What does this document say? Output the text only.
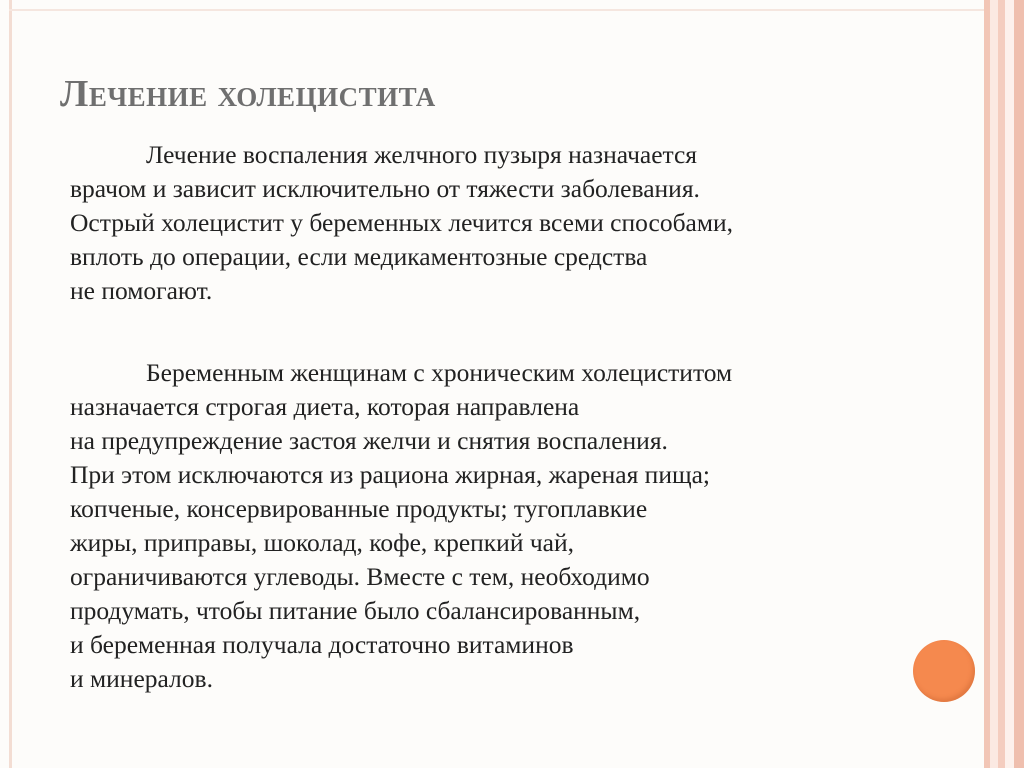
Лечение холецистита
Лечение воспаления желчного пузыря назначается
врачом и зависит исключительно от тяжести заболевания.
Острый холецистит у беременных лечится всеми способами,
вплоть до операции, если медикаментозные средства
не помогают.
Беременным женщинам с хроническим холециститом
назначается строгая диета, которая направлена
на предупреждение застоя желчи и снятия воспаления.
При этом исключаются из рациона жирная, жареная пища;
копченые, консервированные продукты; тугоплавкие
жиры, приправы, шоколад, кофе, крепкий чай,
ограничиваются углеводы. Вместе с тем, необходимо
продумать, чтобы питание было сбалансированным,
и беременная получала достаточно витаминов
и минералов.
